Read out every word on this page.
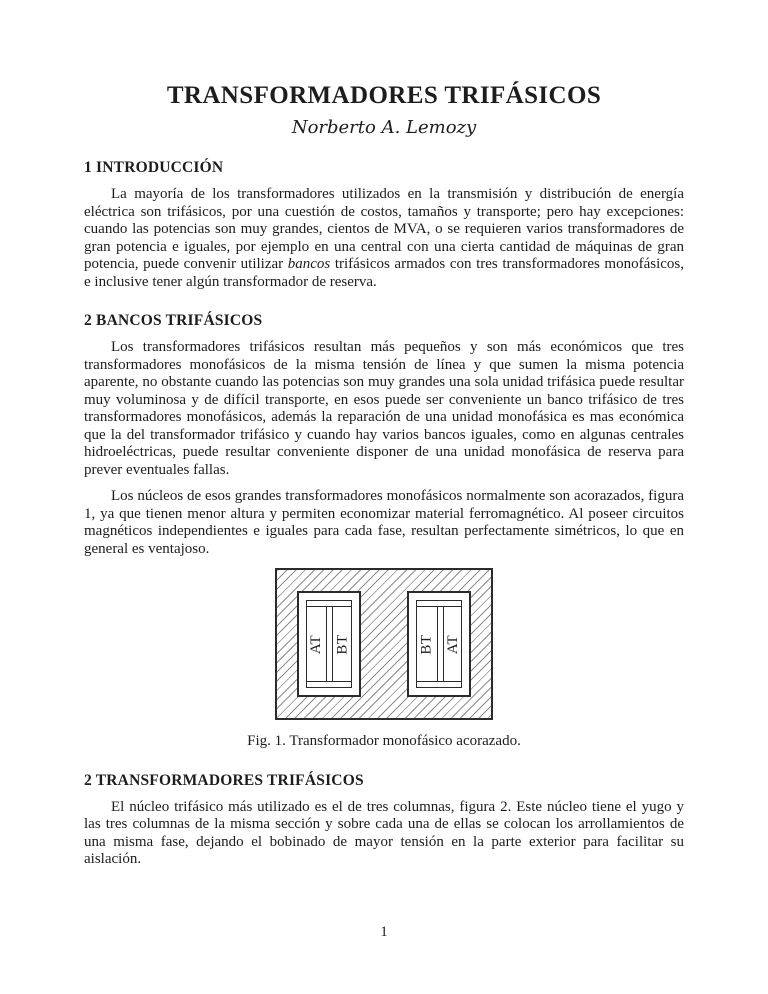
TRANSFORMADORES TRIFÁSICOS
Norberto A. Lemozy
1 INTRODUCCIÓN

La mayoría de los transformadores utilizados en la transmisión y distribución de energía eléctrica son trifásicos, por una cuestión de costos, tamaños y transporte; pero hay excepciones: cuando las potencias son muy grandes, cientos de MVA, o se requieren varios transformadores de gran potencia e iguales, por ejemplo en una central con una cierta cantidad de máquinas de gran potencia, puede convenir utilizar bancos trifásicos armados con tres transformadores monofásicos, e inclusive tener algún transformador de reserva.

2 BANCOS TRIFÁSICOS

Los transformadores trifásicos resultan más pequeños y son más económicos que tres transformadores monofásicos de la misma tensión de línea y que sumen la misma potencia aparente, no obstante cuando las potencias son muy grandes una sola unidad trifásica puede resultar muy voluminosa y de difícil transporte, en esos puede ser conveniente un banco trifásico de tres transformadores monofásicos, además la reparación de una unidad monofásica es mas económica que la del transformador trifásico y cuando hay varios bancos iguales, como en algunas centrales hidroeléctricas, puede resultar conveniente disponer de una unidad monofásica de reserva para prever eventuales fallas.

Los núcleos de esos grandes transformadores monofásicos normalmente son acorazados, figura 1, ya que tienen menor altura y permiten economizar material ferromagnético. Al poseer circuitos magnéticos independientes e iguales para cada fase, resultan perfectamente simétricos, lo que en general es ventajoso.

AT BT	BT AT
Fig. 1. Transformador monofásico acorazado.
2 TRANSFORMADORES TRIFÁSICOS

El núcleo trifásico más utilizado es el de tres columnas, figura 2. Este núcleo tiene el yugo y las tres columnas de la misma sección y sobre cada una de ellas se colocan los arrollamientos de una misma fase, dejando el bobinado de mayor tensión en la parte exterior para facilitar su aislación.

1
